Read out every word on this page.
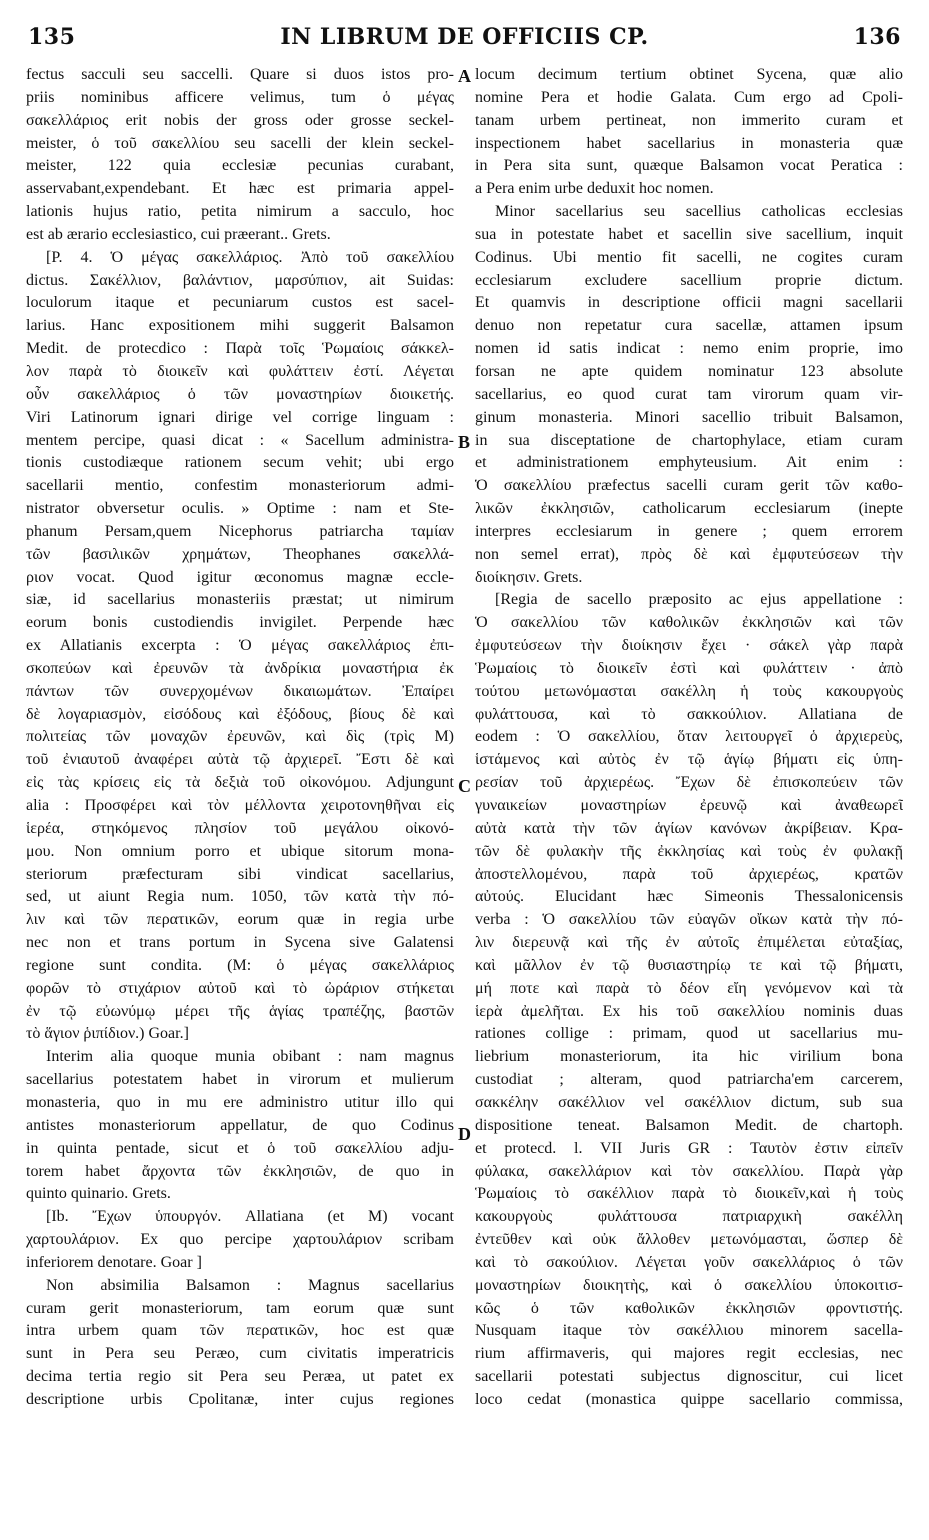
135	IN LIBRUM DE OFFICIIS CP.	136
fectus sacculi seu saccelli. Quare si duos istos pro-
priis nominibus afficere velimus, tum ὁ μέγας
σακελλάριος erit nobis der gross oder grosse seckel-
meister, ὁ τοῦ σακελλίου seu sacelli der klein seckel-
meister, 122 quia ecclesiæ pecunias curabant,
asservabant,expendebant. Et hæc est primaria appel-
lationis hujus ratio, petita nimirum a sacculo, hoc
est ab ærario ecclesiastico, cui præerant.. Grets.
[P. 4. Ὁ μέγας σακελλάριος. Ἀπὸ τοῦ σακελλίου
dictus. Σακέλλιον, βαλάντιον, μαρσύπιον, ait Suidas:
loculorum itaque et pecuniarum custos est sacel-
larius. Hanc expositionem mihi suggerit Balsamon
Medit. de protecdico : Παρὰ τοῖς Ῥωμαίοις σάκκελ-
λον παρὰ τὸ διοικεῖν καὶ φυλάττειν ἐστί. Λέγεται
οὖν σακελλάριος ὁ τῶν μοναστηρίων διοικετής.
Viri Latinorum ignari dirige vel corrige linguam :
mentem percipe, quasi dicat : « Sacellum administra-
tionis custodiæque rationem secum vehit; ubi ergo
sacellarii mentio, confestim monasteriorum admi-
nistrator obversetur oculis. » Optime : nam et Ste-
phanum Persam,quem Nicephorus patriarcha ταμίαν
τῶν βασιλικῶν χρημάτων, Theophanes σακελλά-
ριον vocat. Quod igitur œconomus magnæ eccle-
siæ, id sacellarius monasteriis præstat; ut nimirum
eorum bonis custodiendis invigilet. Perpende hæc
ex Allatianis excerpta : Ὁ μέγας σακελλάριος ἐπι-
σκοπεύων καὶ ἐρευνῶν τὰ ἀνδρίκια μοναστήρια ἐκ
πάντων τῶν συνερχομένων δικαιωμάτων. Ἐπαίρει
δὲ λογαριασμὸν, εἰσόδους καὶ ἐξόδους, βίους δὲ καὶ
πολιτείας τῶν μοναχῶν ἐρευνῶν, καὶ δὶς (τρὶς M)
τοῦ ἐνιαυτοῦ ἀναφέρει αὐτὰ τῷ ἀρχιερεῖ. Ἔστι δὲ καὶ
εἰς τὰς κρίσεις εἰς τὰ δεξιὰ τοῦ οἰκονόμου. Adjungunt
alia : Προσφέρει καὶ τὸν μέλλοντα χειροτονηθῆναι εἰς
ἱερέα, στηκόμενος πλησίον τοῦ μεγάλου οἰκονό-
μου. Non omnium porro et ubique sitorum mona-
steriorum præfecturam sibi vindicat sacellarius,
sed, ut aiunt Regia num. 1050, τῶν κατὰ τὴν πό-
λιν καὶ τῶν περατικῶν, eorum quæ in regia urbe
nec non et trans portum in Sycena sive Galatensi
regione sunt condita. (M: ὁ μέγας σακελλάριος
φορῶν τὸ στιχάριον αὐτοῦ καὶ τὸ ὠράριον στήκεται
ἐν τῷ εὐωνύμῳ μέρει τῆς ἁγίας τραπέζης, βαστῶν
τὸ ἅγιον ῥιπίδιον.) Goar.]
Interim alia quoque munia obibant : nam magnus
sacellarius potestatem habet in virorum et mulierum
monasteria, quo in mu ere administro utitur illo qui
antistes monasteriorum appellatur, de quo Codinus
in quinta pentade, sicut et ὁ τοῦ σακελλίου adju-
torem habet ἄρχοντα τῶν ἐκκλησιῶν, de quo in
quinto quinario. Grets.
[Ib. Ἔχων ὑπουργόν. Allatiana (et M) vocant
χαρτουλάριον. Ex quo percipe χαρτουλάριον scribam
inferiorem denotare. Goar ]
Non absimilia Balsamon : Magnus sacellarius
curam gerit monasteriorum, tam eorum quæ sunt
intra urbem quam τῶν περατικῶν, hoc est quæ
sunt in Pera seu Peræo, cum civitatis imperatricis
decima tertia regio sit Pera seu Peræa, ut patet ex
descriptione urbis Cpolitanæ, inter cujus regiones
locum decimum tertium obtinet Sycena, quæ alio
nomine Pera et hodie Galata. Cum ergo ad Cpoli-
tanam urbem pertineat, non immerito curam et
inspectionem habet sacellarius in monasteria quæ
in Pera sita sunt, quæque Balsamon vocat Peratica :
a Pera enim urbe deduxit hoc nomen.
Minor sacellarius seu sacellius catholicas ecclesias
sua in potestate habet et sacellin sive sacellium, inquit
Codinus. Ubi mentio fit sacelli, ne cogites curam
ecclesiarum excludere sacellium proprie dictum.
Et quamvis in descriptione officii magni sacellarii
denuo non repetatur cura sacellæ, attamen ipsum
nomen id satis indicat : nemo enim proprie, imo
forsan ne apte quidem nominatur 123 absolute
sacellarius, eo quod curat tam virorum quam vir-
ginum monasteria. Minori sacellio tribuit Balsamon,
in sua disceptatione de chartophylace, etiam curam
et administrationem emphyteusium. Ait enim :
Ὁ σακελλίου præfectus sacelli curam gerit τῶν καθο-
λικῶν ἐκκλησιῶν, catholicarum ecclesiarum (inepte
interpres ecclesiarum in genere ; quem errorem
non semel errat), πρὸς δὲ καὶ ἐμφυτεύσεων τὴν
διοίκησιν. Grets.
[Regia de sacello præposito ac ejus appellatione :
Ὁ σακελλίου τῶν καθολικῶν ἐκκλησιῶν καὶ τῶν
ἐμφυτεύσεων τὴν διοίκησιν ἔχει · σάκελ γὰρ παρὰ
Ῥωμαίοις τὸ διοικεῖν ἐστὶ καὶ φυλάττειν · ἀπὸ
τούτου μετωνόμασται σακέλλη ἡ τοὺς κακουργοὺς
φυλάττουσα, καὶ τὸ σακκούλιον. Allatiana de
eodem : Ὁ σακελλίου, ὅταν λειτουργεῖ ὁ ἀρχιερεὺς,
ἱστάμενος καὶ αὐτὸς ἐν τῷ ἁγίῳ βήματι εἰς ὑπη-
ρεσίαν τοῦ ἀρχιερέως. Ἔχων δὲ ἐπισκοπεύειν τῶν
γυναικείων μοναστηρίων ἐρευνῷ καὶ ἀναθεωρεῖ
αὐτὰ κατὰ τὴν τῶν ἁγίων κανόνων ἀκρίβειαν. Κρα-
τῶν δὲ φυλακὴν τῆς ἐκκλησίας καὶ τοὺς ἐν φυλακῇ
ἀποστελλομένου, παρὰ τοῦ ἀρχιερέως, κρατῶν
αὐτούς. Elucidant hæc Simeonis Thessalonicensis
verba : Ὁ σακελλίου τῶν εὐαγῶν οἴκων κατὰ τὴν πό-
λιν διερευνᾷ καὶ τῆς ἐν αὐτοῖς ἐπιμέλεται εὐταξίας,
καὶ μᾶλλον ἐν τῷ θυσιαστηρίῳ τε καὶ τῷ βήματι,
μή ποτε καὶ παρὰ τὸ δέον εἴη γενόμενον καὶ τὰ
ἱερὰ ἀμελῆται. Ex his τοῦ σακελλίου nominis duas
rationes collige : primam, quod ut sacellarius mu-
liebrium monasteriorum, ita hic virilium bona
custodiat ; alteram, quod patriarcha'em carcerem,
σακκέλην σακέλλιον vel σακέλλιον dictum, sub sua
dispositione teneat. Balsamon Medit. de chartoph.
et protecd. l. VII Juris GR : Ταυτὸν ἐστιν εἰπεῖν
φύλακα, σακελλάριον καὶ τὸν σακελλίου. Παρὰ γὰρ
Ῥωμαίοις τὸ σακέλλιον παρὰ τὸ διοικεῖν,καὶ ἡ τοὺς
κακουργοὺς φυλάττουσα πατριαρχικὴ σακέλλη
ἐντεῦθεν καὶ οὐκ ἄλλοθεν μετωνόμασται, ὥσπερ δὲ
καὶ τὸ σακούλιον. Λέγεται γοῦν σακελλάριος ὁ τῶν
μοναστηρίων διοικητὴς, καὶ ὁ σακελλίου ὑποκοιτισ-
κῶς ὁ τῶν καθολικῶν ἐκκλησιῶν φροντιστής.
Nusquam itaque τὸν σακέλλιου minorem sacella-
rium affirmaveris, qui majores regit ecclesias, nec
sacellarii potestati subjectus dignoscitur, cui licet
loco cedat (monastica quippe sacellario commissa,
A
B
C
D
